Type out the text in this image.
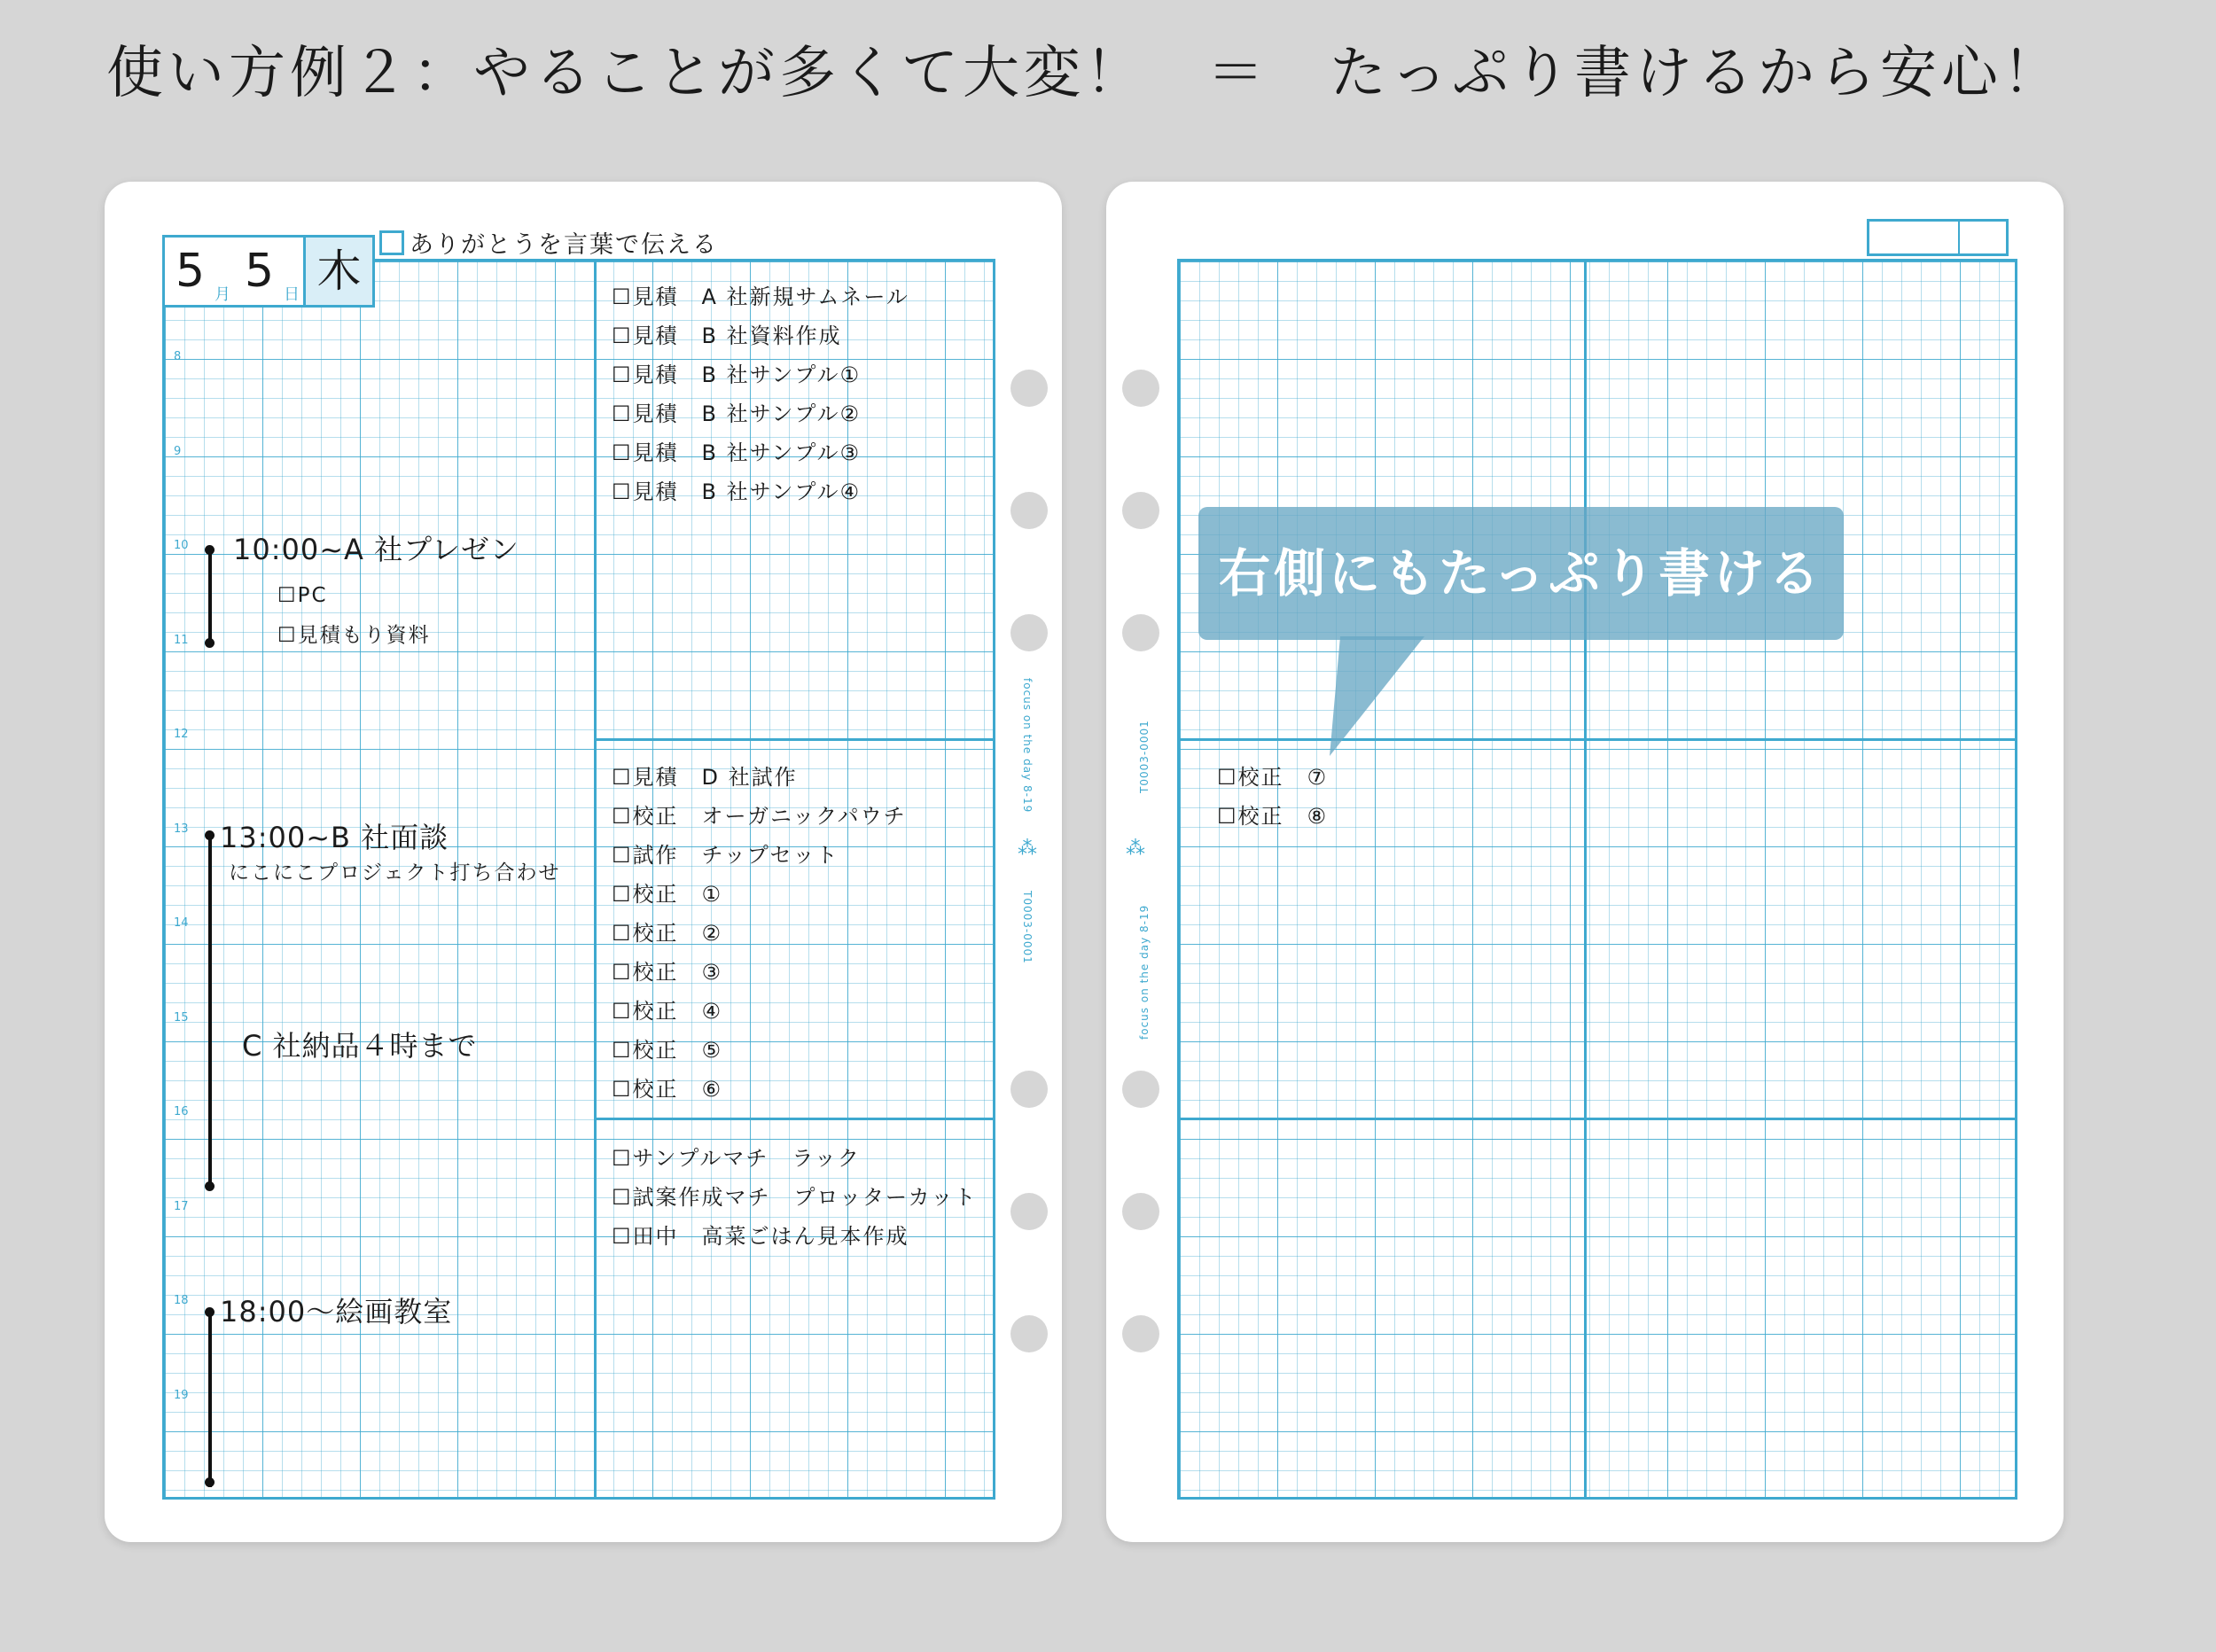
使い方例２：やることが多くて大変！　＝　たっぷり書けるから安心！
5 月 5 日 木
ありがとうを言葉で伝える
8
9
10
11
12
13
14
15
16
17
18
19
10:00~A 社プレゼン
☐PC
☐見積もり資料
13:00~B 社面談
にこにこプロジェクト打ち合わせ
C 社納品４時まで
18:00～絵画教室
☐見積　A 社新規サムネール
☐見積　B 社資料作成
☐見積　B 社サンプル①
☐見積　B 社サンプル②
☐見積　B 社サンプル③
☐見積　B 社サンプル④
☐見積　D 社試作
☐校正　オーガニックパウチ
☐試作　チップセット
☐校正　①
☐校正　②
☐校正　③
☐校正　④
☐校正　⑤
☐校正　⑥
☐サンプルマチ　ラック
☐試案作成マチ　プロッターカット
☐田中　高菜ごはん見本作成
focus on the day 8-19
⁂
T0003-0001
☐校正　⑦
☐校正　⑧
T0003-0001
⁂
focus on the day 8-19
右側にもたっぷり書ける
